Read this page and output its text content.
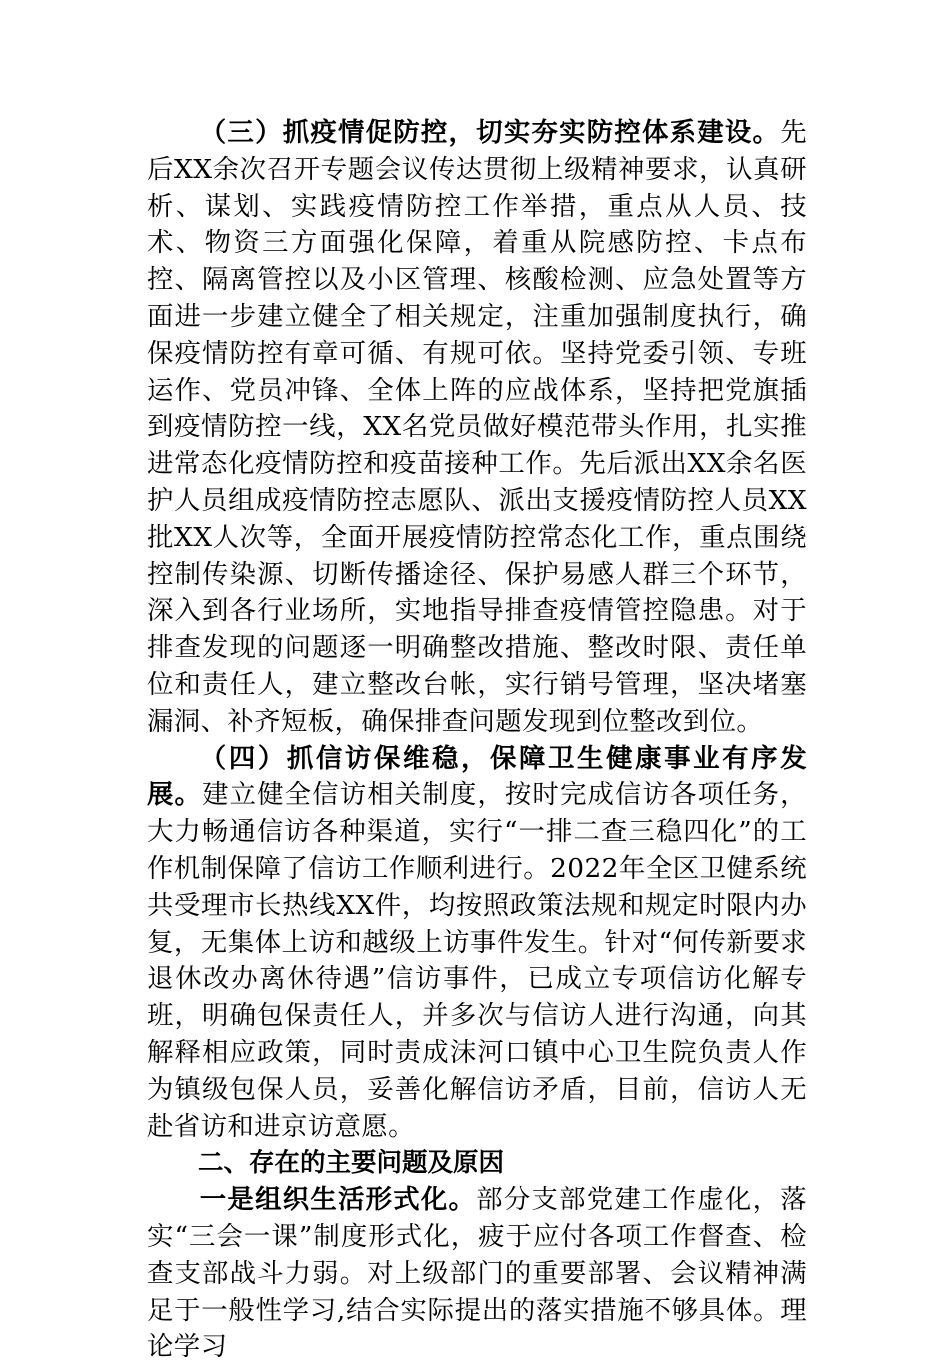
（三）抓疫情促防控，切实夯实防控体系建设。先后XX余次召开专题会议传达贯彻上级精神要求，认真研析、谋划、实践疫情防控工作举措，重点从人员、技术、物资三方面强化保障，着重从院感防控、卡点布控、隔离管控以及小区管理、核酸检测、应急处置等方面进一步建立健全了相关规定，注重加强制度执行，确保疫情防控有章可循、有规可依。坚持党委引领、专班运作、党员冲锋、全体上阵的应战体系，坚持把党旗插到疫情防控一线，XX名党员做好模范带头作用，扎实推进常态化疫情防控和疫苗接种工作。先后派出XX余名医护人员组成疫情防控志愿队、派出支援疫情防控人员XX批XX人次等，全面开展疫情防控常态化工作，重点围绕控制传染源、切断传播途径、保护易感人群三个环节，深入到各行业场所，实地指导排查疫情管控隐患。对于排查发现的问题逐一明确整改措施、整改时限、责任单位和责任人，建立整改台帐，实行销号管理，坚决堵塞漏洞、补齐短板，确保排查问题发现到位整改到位。

（四）抓信访保维稳，保障卫生健康事业有序发展。建立健全信访相关制度，按时完成信访各项任务，大力畅通信访各种渠道，实行“一排二查三稳四化”的工作机制保障了信访工作顺利进行。2022年全区卫健系统共受理市长热线XX件，均按照政策法规和规定时限内办复，无集体上访和越级上访事件发生。针对“何传新要求退休改办离休待遇”信访事件，已成立专项信访化解专班，明确包保责任人，并多次与信访人进行沟通，向其解释相应政策，同时责成沫河口镇中心卫生院负责人作为镇级包保人员，妥善化解信访矛盾，目前，信访人无赴省访和进京访意愿。

二、存在的主要问题及原因

一是组织生活形式化。部分支部党建工作虚化，落实“三会一课”制度形式化，疲于应付各项工作督查、检查支部战斗力弱。对上级部门的重要部署、会议精神满足于一般性学习,结合实际提出的落实措施不够具体。理论学习
